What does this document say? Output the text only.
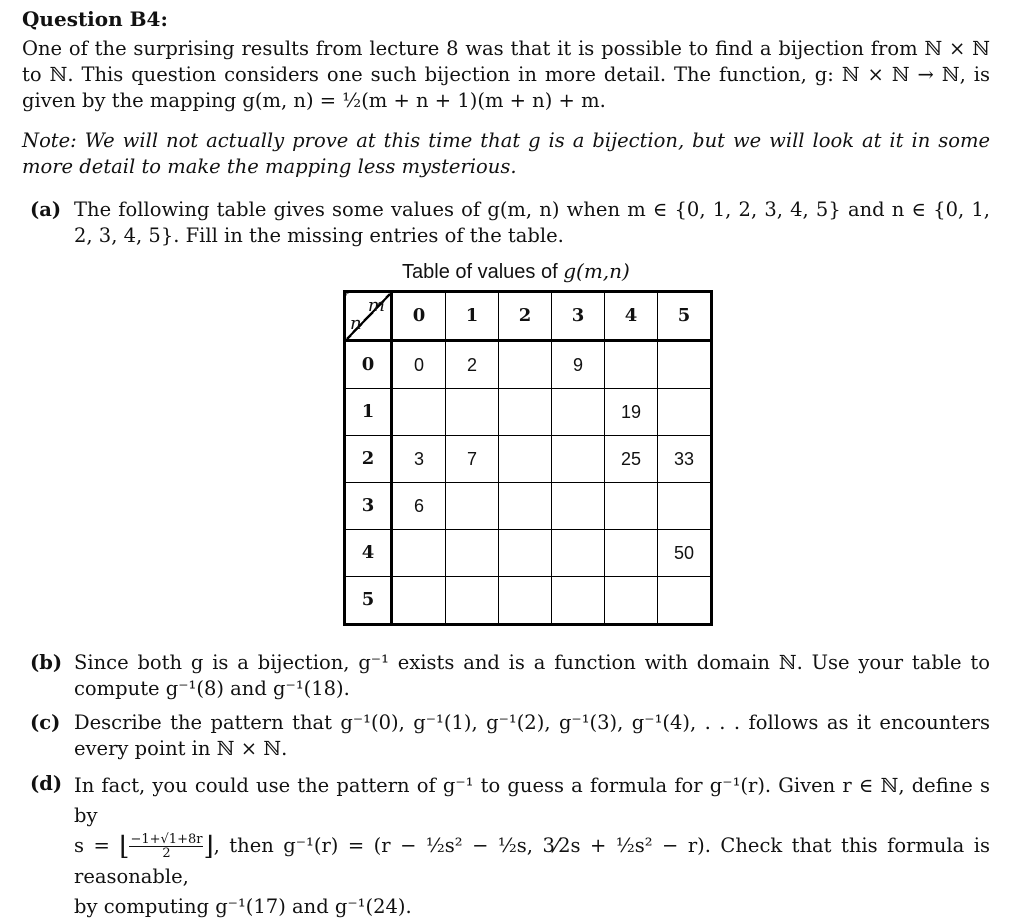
Question B4:
One of the surprising results from lecture 8 was that it is possible to find a bijection from ℕ × ℕ to ℕ. This question considers one such bijection in more detail. The function, g: ℕ × ℕ → ℕ, is given by the mapping g(m, n) = ½(m + n + 1)(m + n) + m.
Note: We will not actually prove at this time that g is a bijection, but we will look at it in some more detail to make the mapping less mysterious.
(a) The following table gives some values of g(m, n) when m ∈ {0, 1, 2, 3, 4, 5} and n ∈ {0, 1, 2, 3, 4, 5}. Fill in the missing entries of the table.
Table of values of g(m,n)
m
n	0	1	2	3	4	5
0	0	2		9		
1					19	
2	3	7			25	33
3	6					
4						50
5						
(b) Since both g is a bijection, g⁻¹ exists and is a function with domain ℕ. Use your table to compute g⁻¹(8) and g⁻¹(18).
(c) Describe the pattern that g⁻¹(0), g⁻¹(1), g⁻¹(2), g⁻¹(3), g⁻¹(4), . . . follows as it encounters every point in ℕ × ℕ.
(d) In fact, you could use the pattern of g⁻¹ to guess a formula for g⁻¹(r). Given r ∈ ℕ, define s by
s = ⌊ $\frac{-1+√1+8r}{2}$ ⌋, then g⁻¹(r) = (r − ½s² − ½s, 3⁄2s + ½s² − r). Check that this formula is reasonable,
by computing g⁻¹(17) and g⁻¹(24).
